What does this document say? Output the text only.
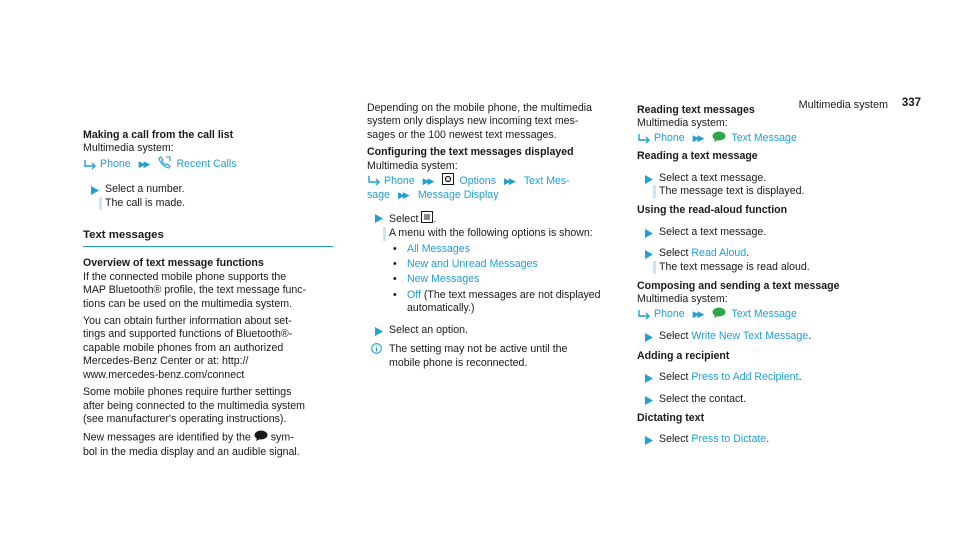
Multimedia system 337
Making a call from the call list
Multimedia system:
Phone ▶▶	Recent Calls
Select a number.
The call is made.
Text messages
Overview of text message functions
If the connected mobile phone supports the
MAP Bluetooth® profile, the text message func-
tions can be used on the multimedia system.
You can obtain further information about set-
tings and supported functions of Bluetooth®-
capable mobile phones from an authorized
Mercedes-Benz Center or at: http://
www.mercedes-benz.com/connect
Some mobile phones require further settings
after being connected to the multimedia system
(see manufacturer's operating instructions).
New messages are identified by the sym-
bol in the media display and an audible signal.
Depending on the mobile phone, the multimedia
system only displays new incoming text mes-
sages or the 100 newest text messages.
Configuring the text messages displayed
Multimedia system:
Phone ▶▶	Options ▶▶ Text Mes-
sage ▶▶ Message Display
Select .
A menu with the following options is shown:
• All Messages
• New and Unread Messages
• New Messages
• Off (The text messages are not displayed
automatically.)
Select an option.
The setting may not be active until the
mobile phone is reconnected.
Reading text messages
Multimedia system:
Phone ▶▶	Text Message
Reading a text message
Select a text message.
The message text is displayed.
Using the read-aloud function
Select a text message.
Select Read Aloud.
The text message is read aloud.
Composing and sending a text message
Multimedia system:
Phone ▶▶	Text Message
Select Write New Text Message.
Adding a recipient
Select Press to Add Recipient.
Select the contact.
Dictating text
Select Press to Dictate.
